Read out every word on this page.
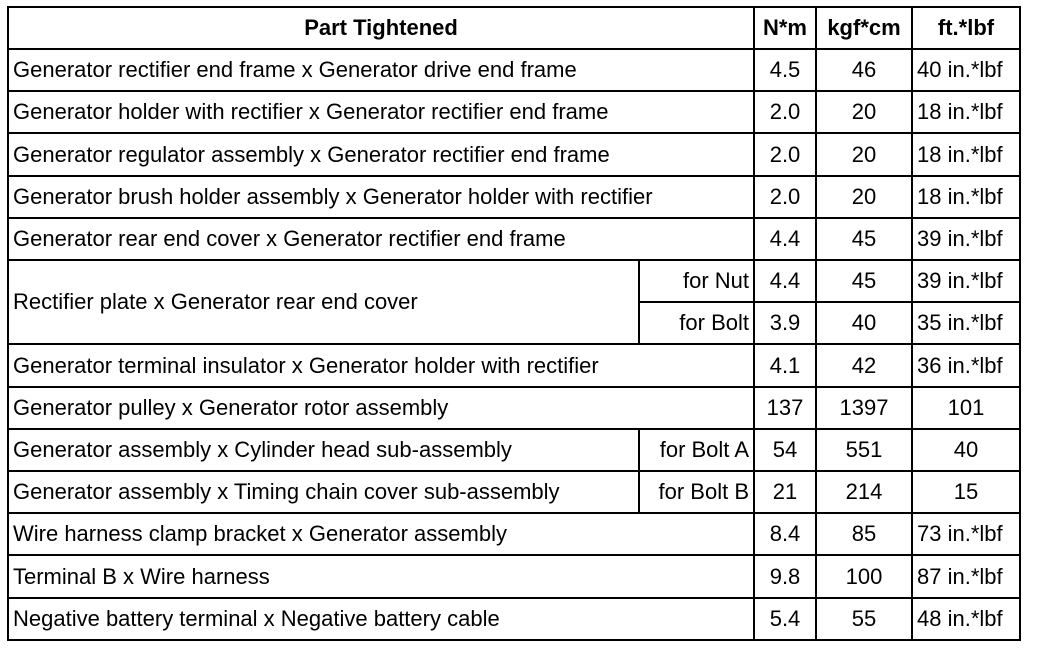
Part Tightened		N*m	kgf*cm	ft.*lbf
Generator rectifier end frame x Generator drive end frame		4.5	46	40 in.*lbf
Generator holder with rectifier x Generator rectifier end frame		2.0	20	18 in.*lbf
Generator regulator assembly x Generator rectifier end frame		2.0	20	18 in.*lbf
Generator brush holder assembly x Generator holder with rectifier		2.0	20	18 in.*lbf
Generator rear end cover x Generator rectifier end frame		4.4	45	39 in.*lbf
Rectifier plate x Generator rear end cover	for Nut	4.4	45	39 in.*lbf
	for Bolt	3.9	40	35 in.*lbf
Generator terminal insulator x Generator holder with rectifier		4.1	42	36 in.*lbf
Generator pulley x Generator rotor assembly		137	1397	101
Generator assembly x Cylinder head sub-assembly	for Bolt A	54	551	40
Generator assembly x Timing chain cover sub-assembly	for Bolt B	21	214	15
Wire harness clamp bracket x Generator assembly		8.4	85	73 in.*lbf
Terminal B x Wire harness		9.8	100	87 in.*lbf
Negative battery terminal x Negative battery cable		5.4	55	48 in.*lbf
